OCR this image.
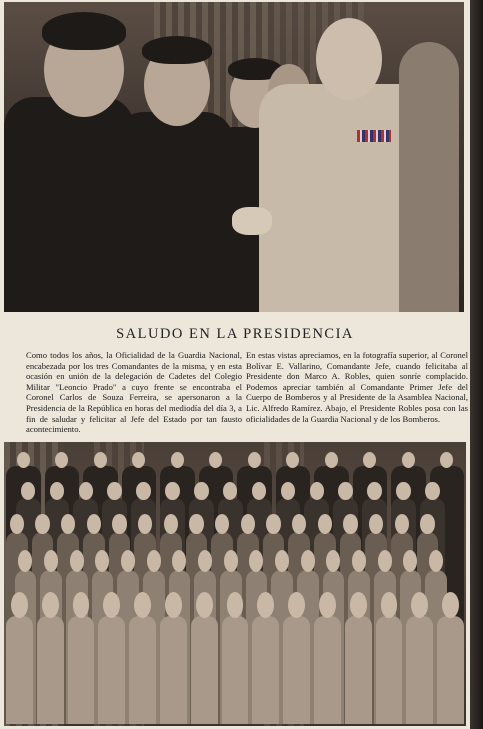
SALUDO EN LA PRESIDENCIA
Como todos los años, la Oficialidad de la Guardia Nacional, encabezada por los tres Comandantes de la misma, y en esta ocasión en unión de la delegación de Cadetes del Colegio Militar "Leoncio Prado" a cuyo frente se encontraba el Coronel Carlos de Souza Ferreira, se apersonaron a la Presidencia de la República en horas del mediodía del día 3, a fin de saludar y felicitar al Jefe del Estado por tan fausto acontecimiento.
En estas vistas apreciamos, en la fotografía superior, al Coronel Bolívar E. Vallarino, Comandante Jefe, cuando felicitaba al Presidente don Marco A. Robles, quien sonríe complacido. Podemos apreciar también al Comandante Primer Jefe del Cuerpo de Bomberos y al Presidente de la Asamblea Nacional, Lic. Alfredo Ramírez. Abajo, el Presidente Robles posa con las oficialidades de la Guardia Nacional y de los Bomberos.
